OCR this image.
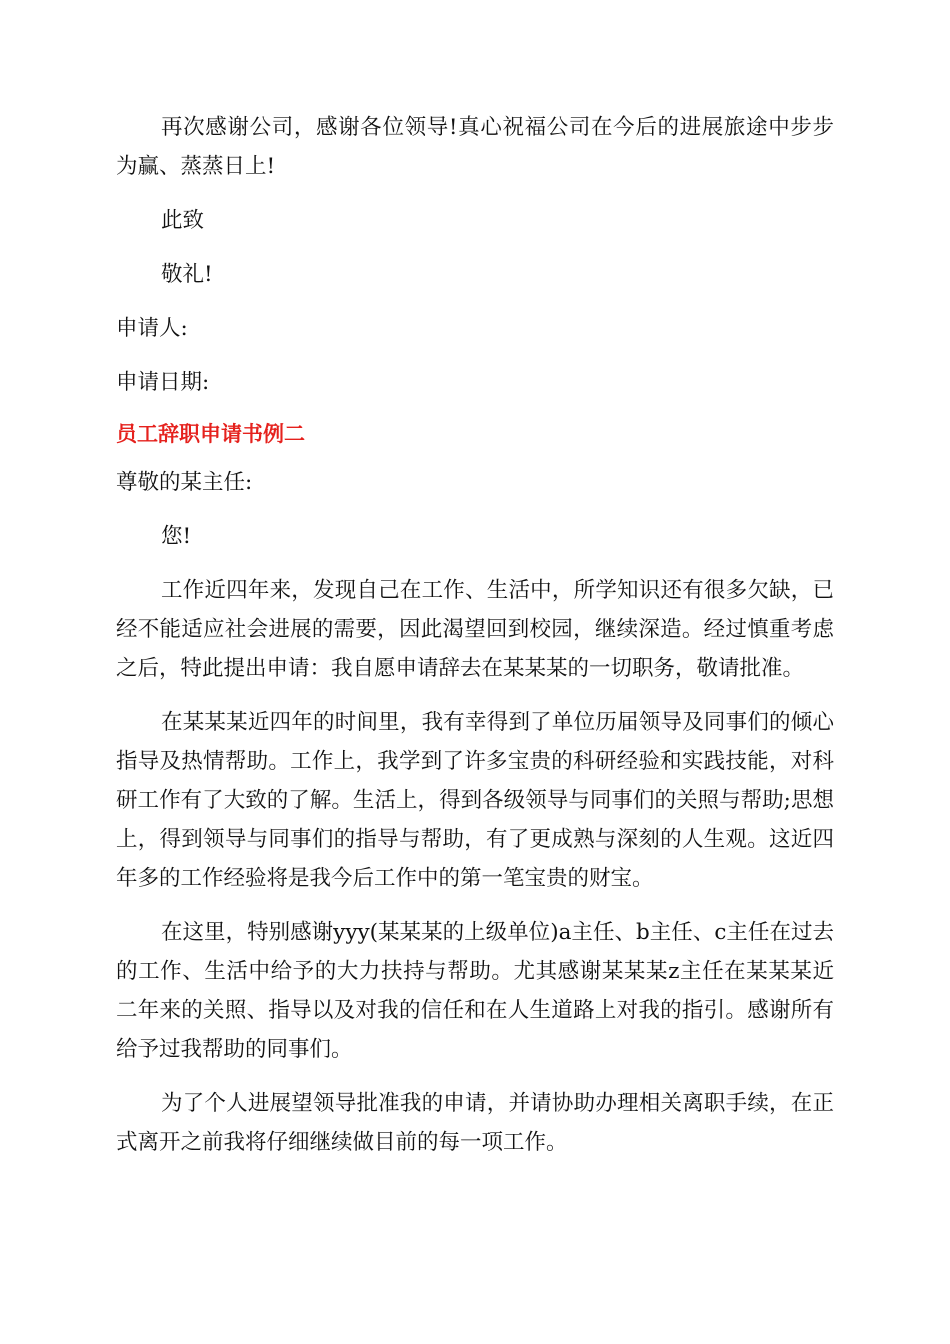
再次感谢公司，感谢各位领导!真心祝福公司在今后的进展旅途中步步为赢、蒸蒸日上!

此致

敬礼!

申请人:

申请日期:

员工辞职申请书例二

尊敬的某主任:

您!

工作近四年来，发现自己在工作、生活中，所学知识还有很多欠缺，已经不能适应社会进展的需要，因此渴望回到校园，继续深造。经过慎重考虑之后，特此提出申请：我自愿申请辞去在某某某的一切职务，敬请批准。

在某某某近四年的时间里，我有幸得到了单位历届领导及同事们的倾心指导及热情帮助。工作上，我学到了许多宝贵的科研经验和实践技能，对科研工作有了大致的了解。生活上，得到各级领导与同事们的关照与帮助;思想上，得到领导与同事们的指导与帮助，有了更成熟与深刻的人生观。这近四年多的工作经验将是我今后工作中的第一笔宝贵的财宝。

在这里，特别感谢yyy(某某某的上级单位)a主任、b主任、c主任在过去的工作、生活中给予的大力扶持与帮助。尤其感谢某某某z主任在某某某近二年来的关照、指导以及对我的信任和在人生道路上对我的指引。感谢所有给予过我帮助的同事们。

为了个人进展望领导批准我的申请，并请协助办理相关离职手续，在正式离开之前我将仔细继续做目前的每一项工作。
